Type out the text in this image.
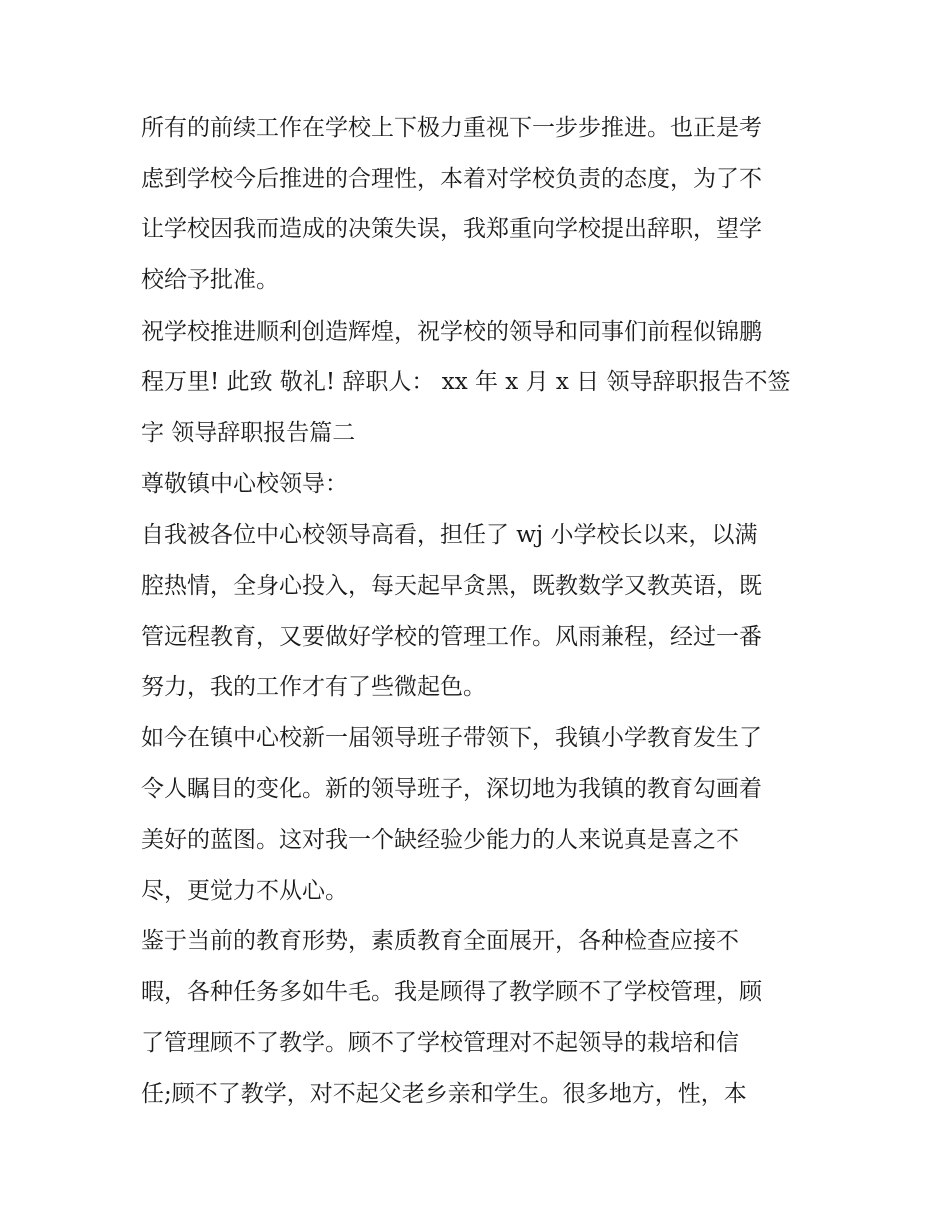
所有的前续工作在学校上下极力重视下一步步推进。也正是考

虑到学校今后推进的合理性，本着对学校负责的态度，为了不

让学校因我而造成的决策失误，我郑重向学校提出辞职，望学

校给予批准。

祝学校推进顺利创造辉煌，祝学校的领导和同事们前程似锦鹏

程万里! 此致 敬礼! 辞职人： xx 年 x 月 x 日 领导辞职报告不签

字 领导辞职报告篇二

尊敬镇中心校领导：

自我被各位中心校领导高看，担任了 wj 小学校长以来，以满

腔热情，全身心投入，每天起早贪黑，既教数学又教英语，既

管远程教育，又要做好学校的管理工作。风雨兼程，经过一番

努力，我的工作才有了些微起色。

如今在镇中心校新一届领导班子带领下，我镇小学教育发生了

令人瞩目的变化。新的领导班子，深切地为我镇的教育勾画着

美好的蓝图。这对我一个缺经验少能力的人来说真是喜之不

尽，更觉力不从心。

鉴于当前的教育形势，素质教育全面展开，各种检查应接不

暇，各种任务多如牛毛。我是顾得了教学顾不了学校管理，顾

了管理顾不了教学。顾不了学校管理对不起领导的栽培和信

任;顾不了教学，对不起父老乡亲和学生。很多地方，性，本
